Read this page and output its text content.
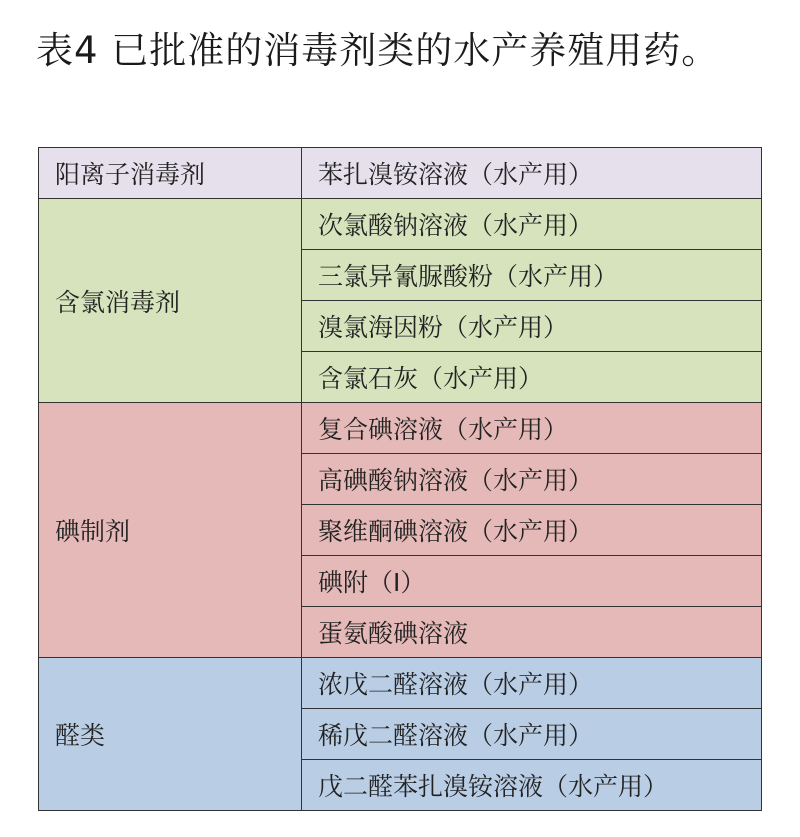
表4 已批准的消毒剂类的水产养殖用药。
阳离子消毒剂	苯扎溴铵溶液（水产用）
含氯消毒剂	次氯酸钠溶液（水产用）
	三氯异氰脲酸粉（水产用）
	溴氯海因粉（水产用）
	含氯石灰（水产用）
碘制剂	复合碘溶液（水产用）
	高碘酸钠溶液（水产用）
	聚维酮碘溶液（水产用）
	碘附（I）
	蛋氨酸碘溶液
醛类	浓戊二醛溶液（水产用）
	稀戊二醛溶液（水产用）
	戊二醛苯扎溴铵溶液（水产用）
